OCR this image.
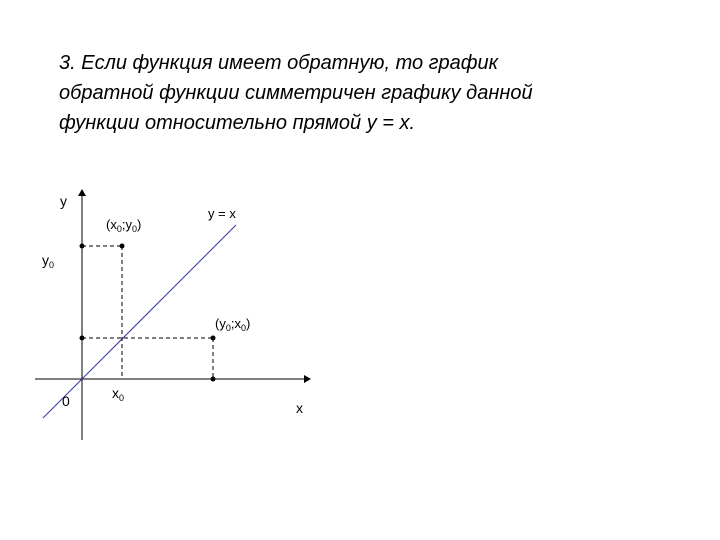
3. Если функция имеет обратную, то график
обратной функции симметричен графику данной
функции относительно прямой y = x.
y
x
0
y = x
$y_0$
$x_0$
$(x_0;y_0)$
$(y_0;x_0)$
